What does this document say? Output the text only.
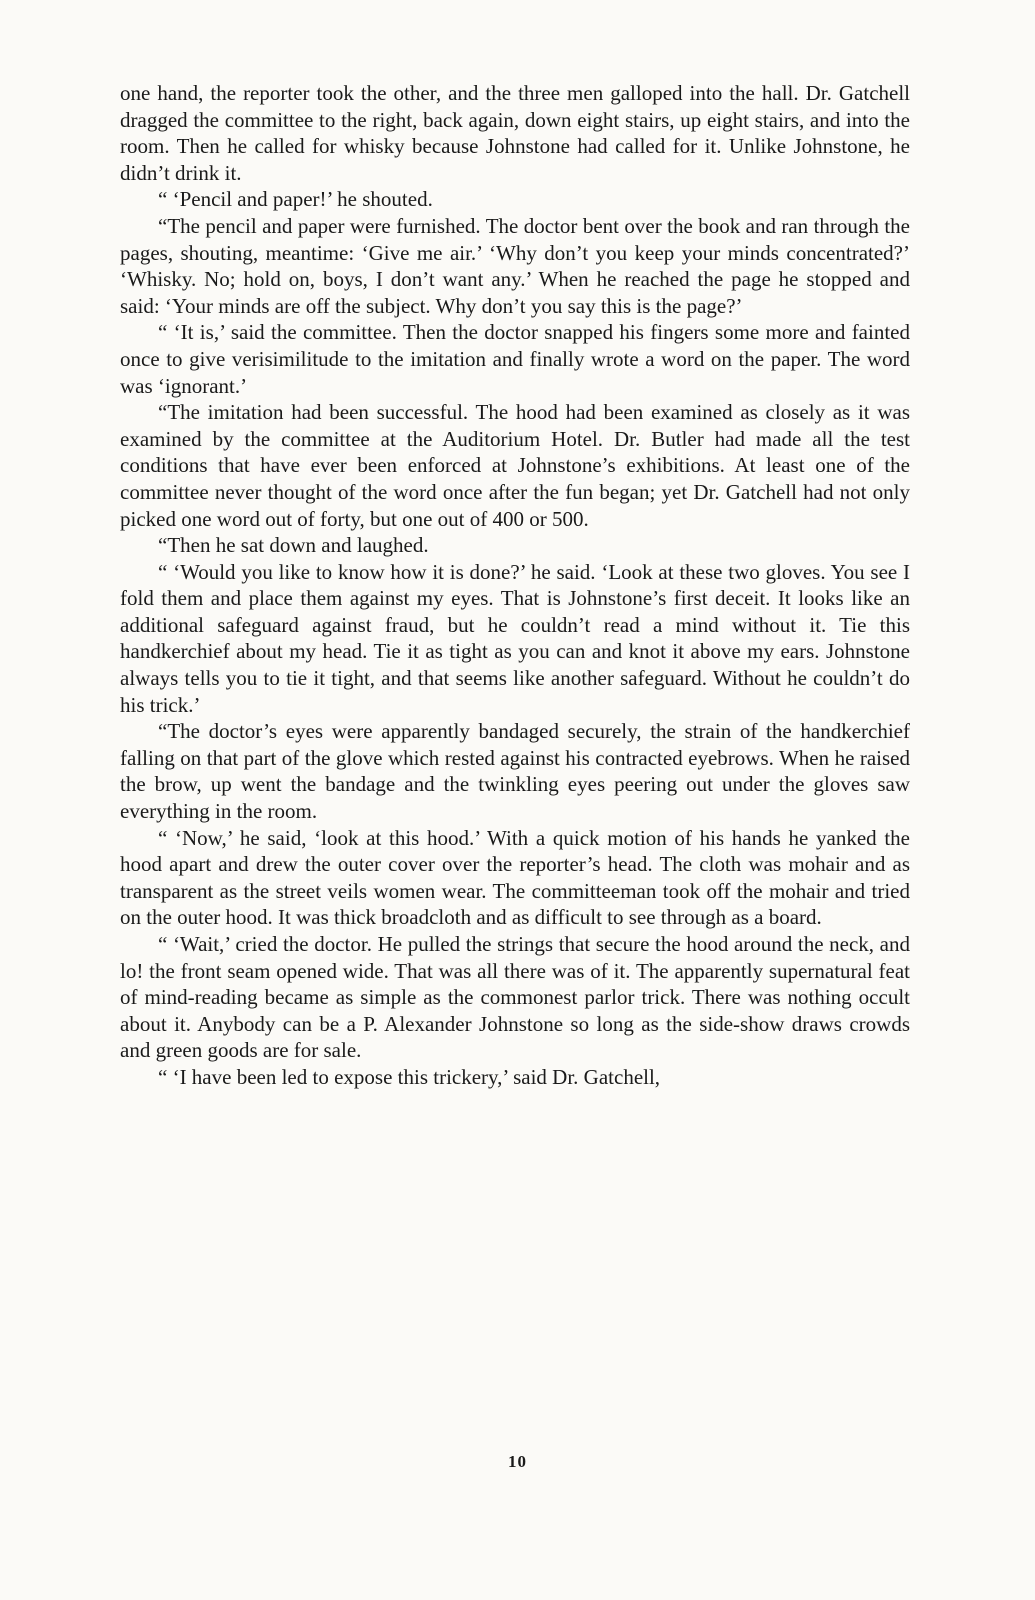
one hand, the reporter took the other, and the three men galloped into the hall. Dr. Gatchell dragged the committee to the right, back again, down eight stairs, up eight stairs, and into the room. Then he called for whisky because Johnstone had called for it. Unlike Johnstone, he didn’t drink it.

“ ‘Pencil and paper!’ he shouted.

“The pencil and paper were furnished. The doctor bent over the book and ran through the pages, shouting, meantime: ‘Give me air.’ ‘Why don’t you keep your minds concentrated?’ ‘Whisky. No; hold on, boys, I don’t want any.’ When he reached the page he stopped and said: ‘Your minds are off the subject. Why don’t you say this is the page?’

“ ‘It is,’ said the committee. Then the doctor snapped his fingers some more and fainted once to give verisimilitude to the imitation and finally wrote a word on the paper. The word was ‘ignorant.’

“The imitation had been successful. The hood had been examined as closely as it was examined by the committee at the Auditorium Hotel. Dr. Butler had made all the test conditions that have ever been enforced at Johnstone’s exhibitions. At least one of the committee never thought of the word once after the fun began; yet Dr. Gatchell had not only picked one word out of forty, but one out of 400 or 500.

“Then he sat down and laughed.

“ ‘Would you like to know how it is done?’ he said. ‘Look at these two gloves. You see I fold them and place them against my eyes. That is Johnstone’s first deceit. It looks like an additional safeguard against fraud, but he couldn’t read a mind without it. Tie this handkerchief about my head. Tie it as tight as you can and knot it above my ears. Johnstone always tells you to tie it tight, and that seems like another safeguard. Without he couldn’t do his trick.’

“The doctor’s eyes were apparently bandaged securely, the strain of the handkerchief falling on that part of the glove which rested against his contracted eyebrows. When he raised the brow, up went the bandage and the twinkling eyes peering out under the gloves saw everything in the room.

“ ‘Now,’ he said, ‘look at this hood.’ With a quick motion of his hands he yanked the hood apart and drew the outer cover over the reporter’s head. The cloth was mohair and as transparent as the street veils women wear. The committeeman took off the mohair and tried on the outer hood. It was thick broadcloth and as difficult to see through as a board.

“ ‘Wait,’ cried the doctor. He pulled the strings that secure the hood around the neck, and lo! the front seam opened wide. That was all there was of it. The apparently supernatural feat of mind-reading became as simple as the commonest parlor trick. There was nothing occult about it. Anybody can be a P. Alexander Johnstone so long as the side-show draws crowds and green goods are for sale.

“ ‘I have been led to expose this trickery,’ said Dr. Gatchell,

10
